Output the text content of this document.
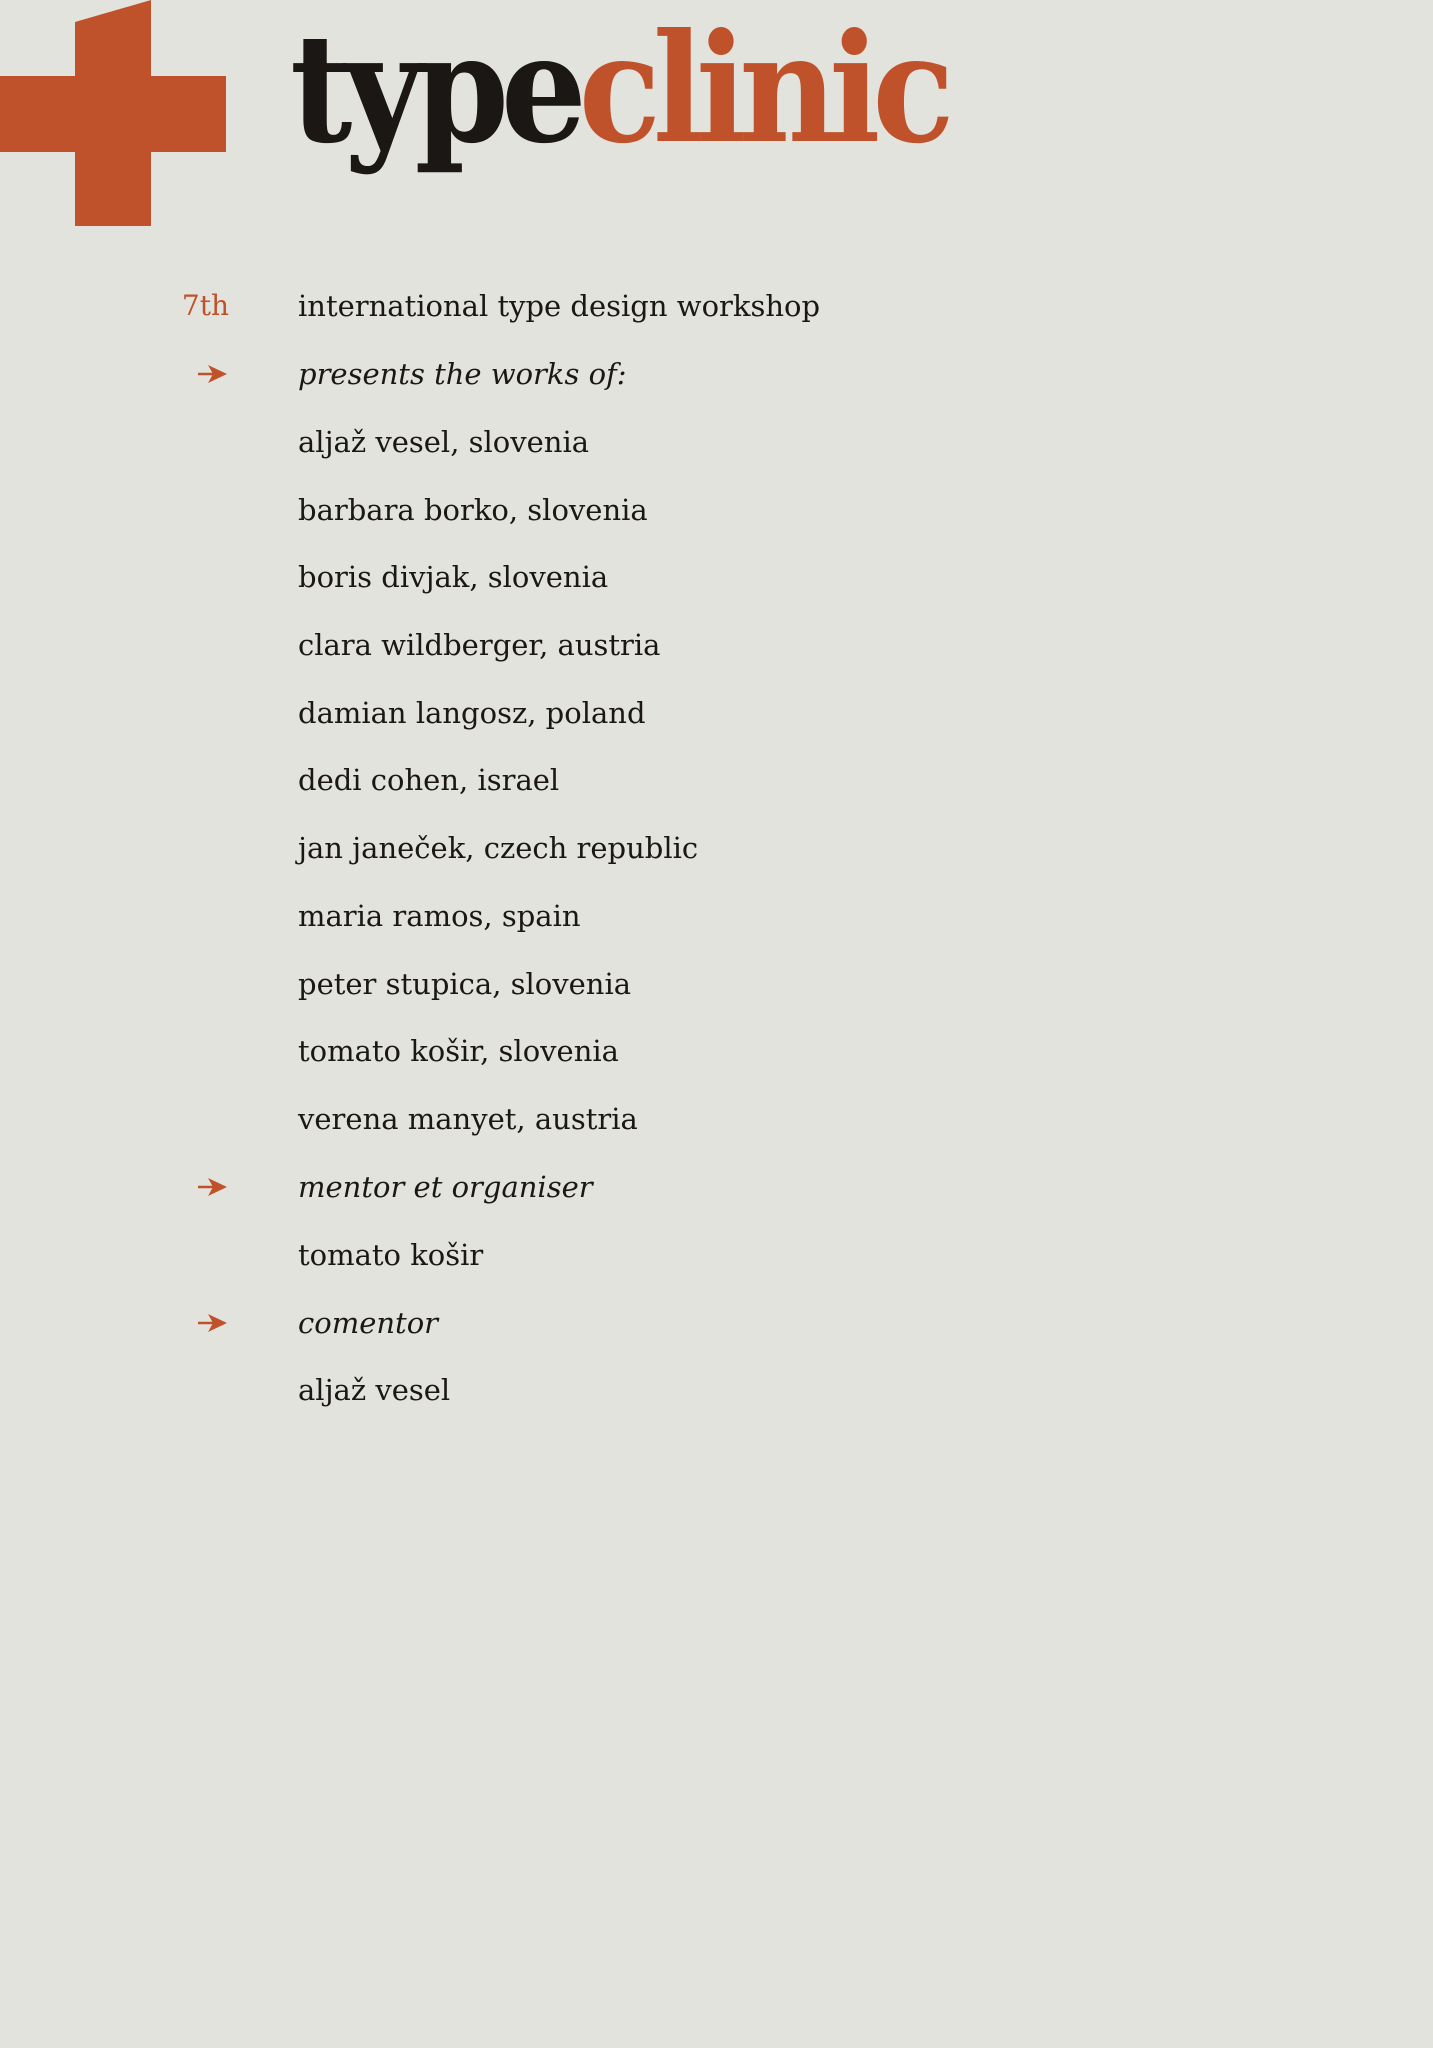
typeclinic
7th international type design workshop
presents the works of:
aljaž vesel, slovenia
barbara borko, slovenia
boris divjak, slovenia
clara wildberger, austria
damian langosz, poland
dedi cohen, israel
jan janeček, czech republic
maria ramos, spain
peter stupica, slovenia
tomato košir, slovenia
verena manyet, austria
mentor et organiser
tomato košir
comentor
aljaž vesel
